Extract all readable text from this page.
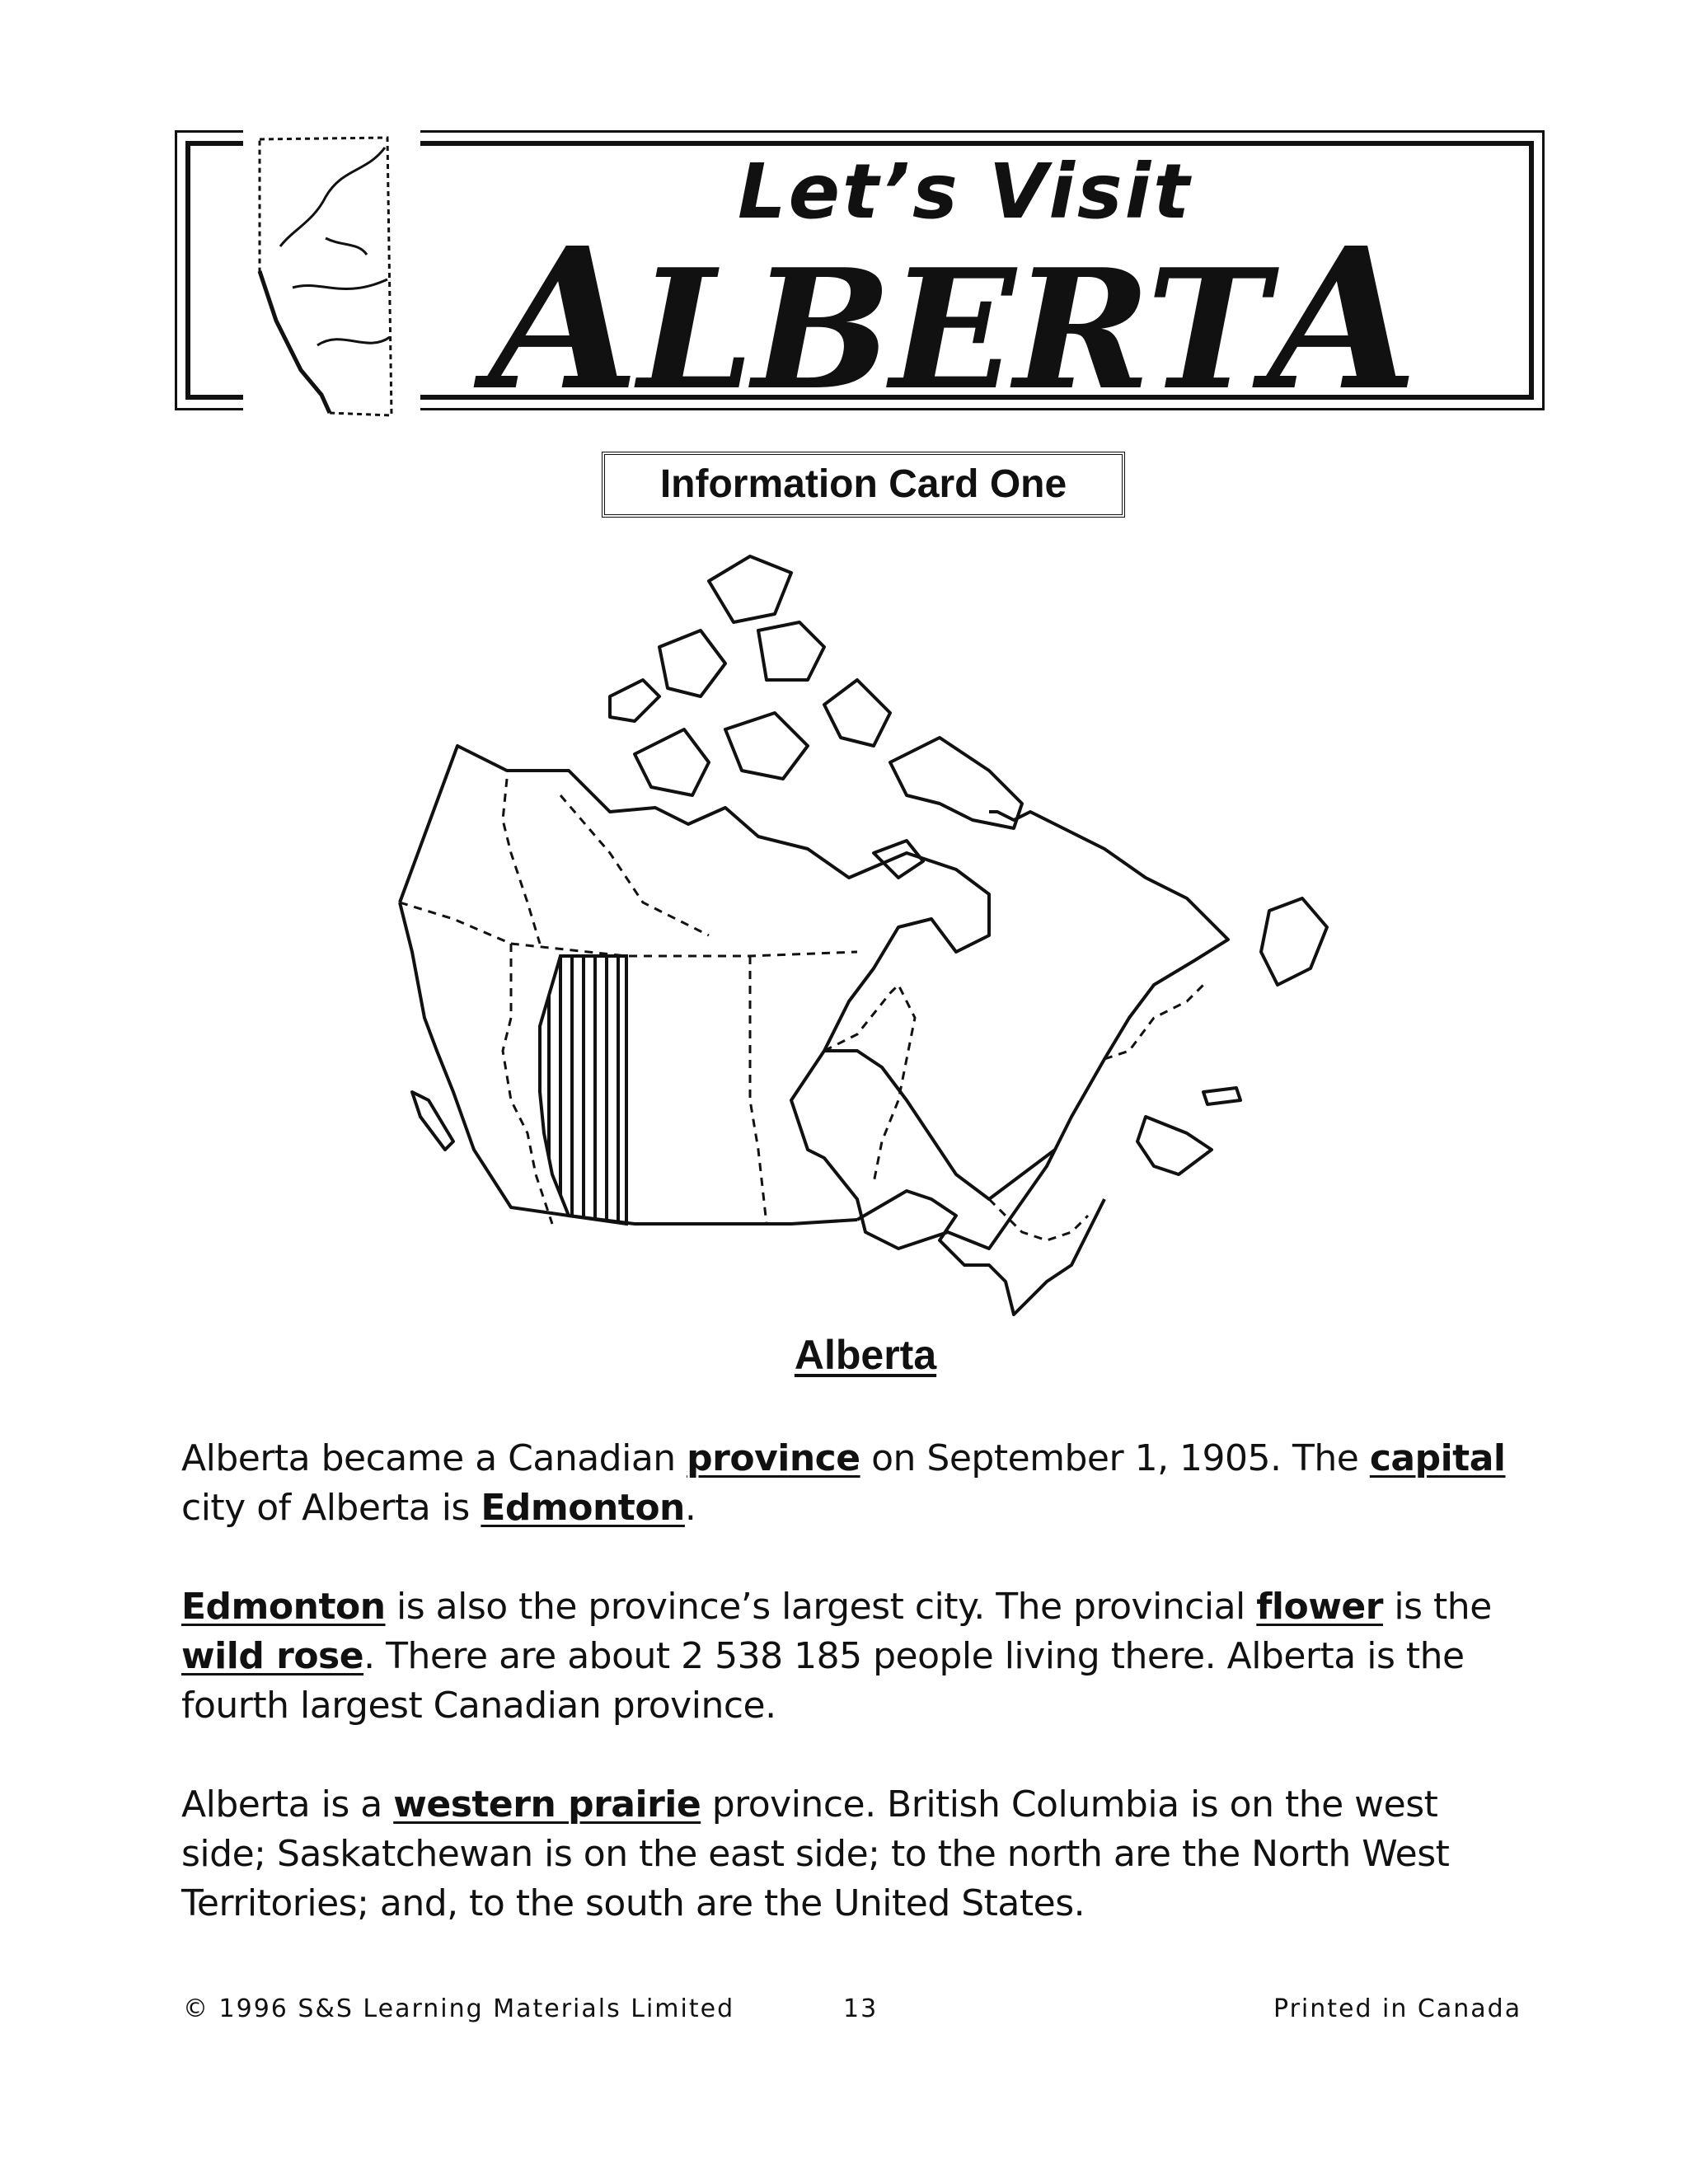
Let’s Visit
ALBERTA
Information Card One
Alberta

Alberta became a Canadian province on September 1, 1905. The capital city of Alberta is Edmonton.

Edmonton is also the province’s largest city. The provincial flower is the wild rose. There are about 2 538 185 people living there. Alberta is the fourth largest Canadian province.

Alberta is a western prairie province. British Columbia is on the west side; Saskatchewan is on the east side; to the north are the North West Territories; and, to the south are the United States.

© 1996 S&S Learning Materials Limited	13	Printed in Canada
